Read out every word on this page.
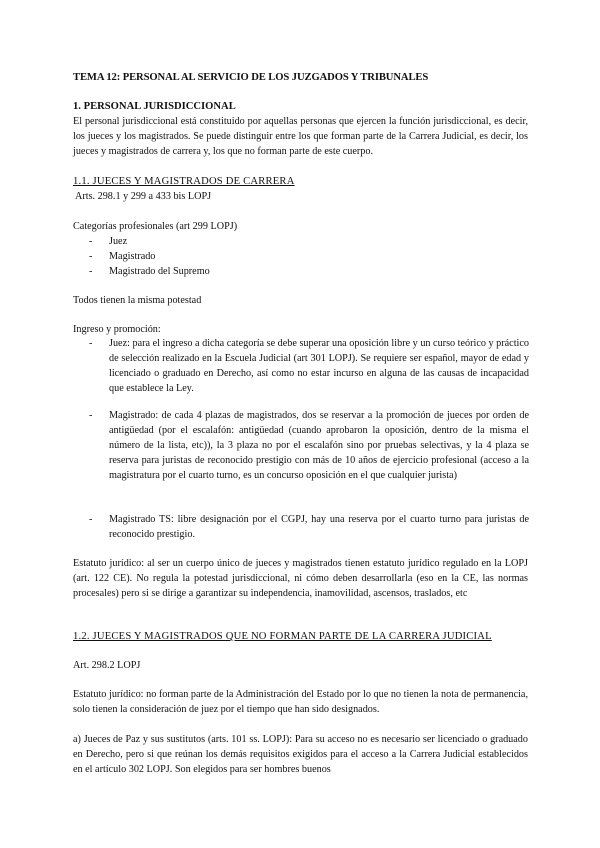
TEMA 12: PERSONAL AL SERVICIO DE LOS JUZGADOS Y TRIBUNALES
1. PERSONAL JURISDICCIONAL
El personal jurisdiccional está constituido por aquellas personas que ejercen la función jurisdiccional, es decir, los jueces y los magistrados. Se puede distinguir entre los que forman parte de la Carrera Judicial, es decir, los jueces y magistrados de carrera y, los que no forman parte de este cuerpo.
1.1. JUECES Y MAGISTRADOS DE CARRERA
Arts. 298.1 y 299 a 433 bis LOPJ
Categorías profesionales (art 299 LOPJ)
- Juez
- Magistrado
- Magistrado del Supremo
Todos tienen la misma potestad
Ingreso y promoción:
- Juez: para el ingreso a dicha categoría se debe superar una oposición libre y un curso teórico y práctico de selección realizado en la Escuela Judicial (art 301 LOPJ). Se requiere ser español, mayor de edad y licenciado o graduado en Derecho, así como no estar incurso en alguna de las causas de incapacidad que establece la Ley.
- Magistrado: de cada 4 plazas de magistrados, dos se reservar a la promoción de jueces por orden de antigüedad (por el escalafón: antigüedad (cuando aprobaron la oposición, dentro de la misma el número de la lista, etc)), la 3 plaza no por el escalafón sino por pruebas selectivas, y la 4 plaza se reserva para juristas de reconocido prestigio con más de 10 años de ejercicio profesional (acceso a la magistratura por el cuarto turno, es un concurso oposición en el que cualquier jurista)
- Magistrado TS: libre designación por el CGPJ, hay una reserva por el cuarto turno para juristas de reconocido prestigio.
Estatuto jurídico: al ser un cuerpo único de jueces y magistrados tienen estatuto jurídico regulado en la LOPJ (art. 122 CE). No regula la potestad jurisdiccional, ni cómo deben desarrollarla (eso en la CE, las normas procesales) pero si se dirige a garantizar su independencia, inamovilidad, ascensos, traslados, etc
1.2. JUECES Y MAGISTRADOS QUE NO FORMAN PARTE DE LA CARRERA JUDICIAL
Art. 298.2 LOPJ
Estatuto jurídico: no forman parte de la Administración del Estado por lo que no tienen la nota de permanencia, solo tienen la consideración de juez por el tiempo que han sido designados.
a) Jueces de Paz y sus sustitutos (arts. 101 ss. LOPJ): Para su acceso no es necesario ser licenciado o graduado en Derecho, pero si que reúnan los demás requisitos exigidos para el acceso a la Carrera Judicial establecidos en el artículo 302 LOPJ. Son elegidos para ser hombres buenos
